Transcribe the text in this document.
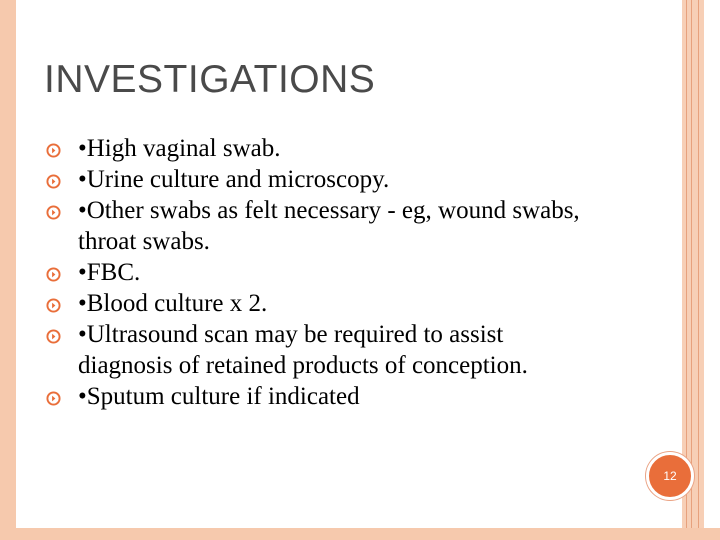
INVESTIGATIONS
•High vaginal swab.
•Urine culture and microscopy.
•Other swabs as felt necessary - eg, wound swabs, throat swabs.
•FBC.
•Blood culture x 2.
•Ultrasound scan may be required to assist diagnosis of retained products of conception.
•Sputum culture if indicated
12
